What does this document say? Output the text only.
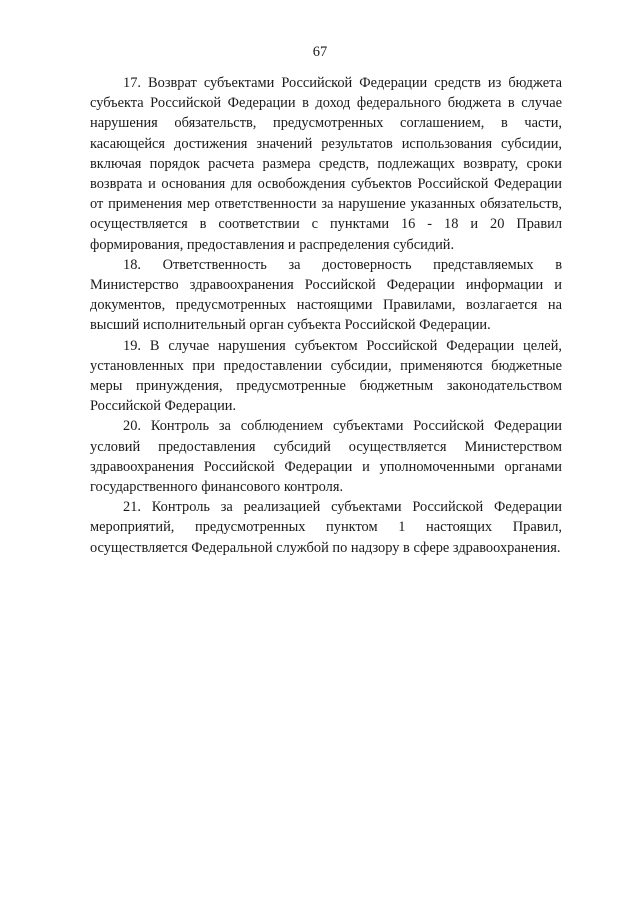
67

17. Возврат субъектами Российской Федерации средств из бюджета субъекта Российской Федерации в доход федерального бюджета в случае нарушения обязательств, предусмотренных соглашением, в части, касающейся достижения значений результатов использования субсидии, включая порядок расчета размера средств, подлежащих возврату, сроки возврата и основания для освобождения субъектов Российской Федерации от применения мер ответственности за нарушение указанных обязательств, осуществляется в соответствии с пунктами 16 - 18 и 20 Правил формирования, предоставления и распределения субсидий.

18. Ответственность за достоверность представляемых в Министерство здравоохранения Российской Федерации информации и документов, предусмотренных настоящими Правилами, возлагается на высший исполнительный орган субъекта Российской Федерации.

19. В случае нарушения субъектом Российской Федерации целей, установленных при предоставлении субсидии, применяются бюджетные меры принуждения, предусмотренные бюджетным законодательством Российской Федерации.

20. Контроль за соблюдением субъектами Российской Федерации условий предоставления субсидий осуществляется Министерством здравоохранения Российской Федерации и уполномоченными органами государственного финансового контроля.

21. Контроль за реализацией субъектами Российской Федерации мероприятий, предусмотренных пунктом 1 настоящих Правил, осуществляется Федеральной службой по надзору в сфере здравоохранения.
